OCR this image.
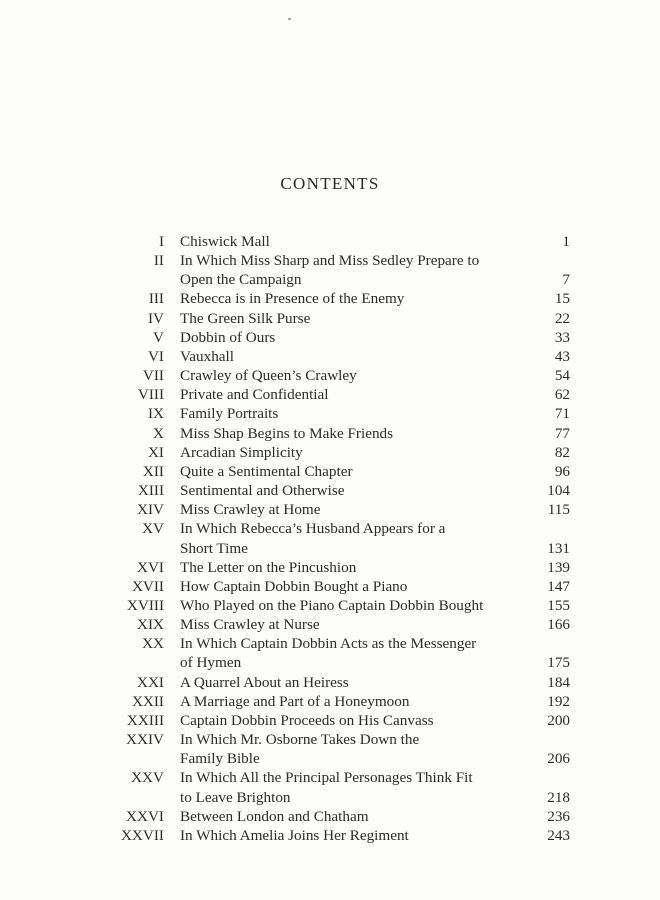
CONTENTS
I	Chiswick Mall	1
II	In Which Miss Sharp and Miss Sedley Prepare to
Open the Campaign	7
III	Rebecca is in Presence of the Enemy	15
IV	The Green Silk Purse	22
V	Dobbin of Ours	33
VI	Vauxhall	43
VII	Crawley of Queen’s Crawley	54
VIII	Private and Confidential	62
IX	Family Portraits	71
X	Miss Shap Begins to Make Friends	77
XI	Arcadian Simplicity	82
XII	Quite a Sentimental Chapter	96
XIII	Sentimental and Otherwise	104
XIV	Miss Crawley at Home	115
XV	In Which Rebecca’s Husband Appears for a
Short Time	131
XVI	The Letter on the Pincushion	139
XVII	How Captain Dobbin Bought a Piano	147
XVIII	Who Played on the Piano Captain Dobbin Bought	155
XIX	Miss Crawley at Nurse	166
XX	In Which Captain Dobbin Acts as the Messenger
of Hymen	175
XXI	A Quarrel About an Heiress	184
XXII	A Marriage and Part of a Honeymoon	192
XXIII	Captain Dobbin Proceeds on His Canvass	200
XXIV	In Which Mr. Osborne Takes Down the
Family Bible	206
XXV	In Which All the Principal Personages Think Fit
to Leave Brighton	218
XXVI	Between London and Chatham	236
XXVII	In Which Amelia Joins Her Regiment	243
